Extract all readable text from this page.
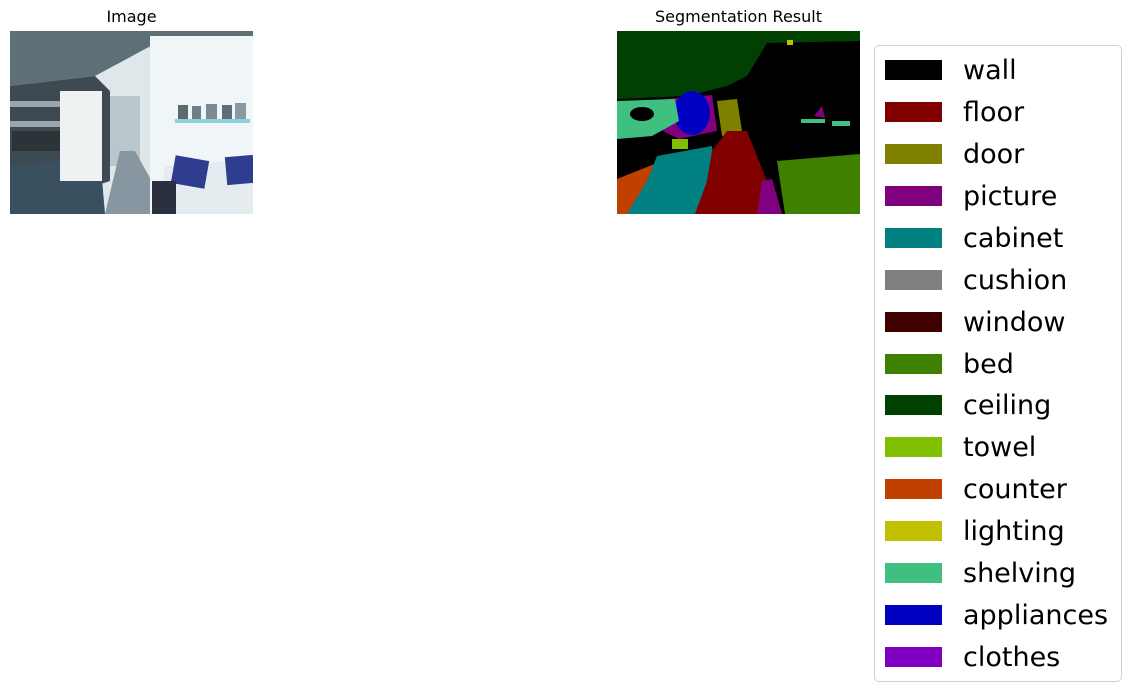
Image	Segmentation Result
wall
floor
door
picture
cabinet
cushion
window
bed
ceiling
towel
counter
lighting
shelving
appliances
clothes
